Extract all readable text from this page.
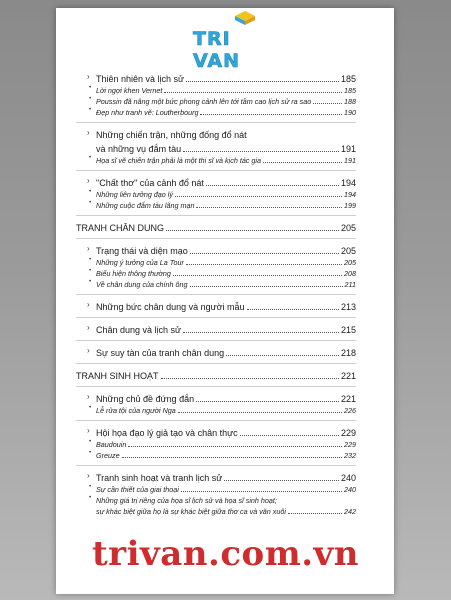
TRI VAN
› Thiên nhiên và lịch sử	185
• Lời ngợi khen Vernet	185
• Poussin đã nâng một bức phong cảnh lên tới tầm cao lịch sử ra sao	188
• Đẹp như tranh vẽ: Loutherbourg	190
› Những chiến trận, những đống đổ nát
và những vụ đắm tàu	191
• Họa sĩ vẽ chiến trận phải là một thi sĩ và kịch tác gia	191
› "Chất thơ" của cảnh đổ nát	194
• Những liên tưởng đạo lý	194
• Những cuộc đắm tàu lãng mạn	199
TRANH CHÂN DUNG	205
› Trạng thái và diện mạo	205
• Những ý tưởng của La Tour	205
• Biểu hiện thông thường	208
• Về chân dung của chính ông	211
› Những bức chân dung và người mẫu	213
› Chân dung và lịch sử	215
› Sự suy tàn của tranh chân dung	218
TRANH SINH HOẠT	221
› Những chủ đề đứng đắn	221
• Lễ rửa tội của người Nga	226
› Hội họa đạo lý giả tạo và chân thực	229
• Baudouin	229
• Greuze	232
› Tranh sinh hoạt và tranh lịch sử	240
• Sự cần thiết của giai thoại	240
• Những giá trị riêng của họa sĩ lịch sử và họa sĩ sinh hoạt;
sự khác biệt giữa họ là sự khác biệt giữa thơ ca và văn xuôi	242
trivan.com.vn
